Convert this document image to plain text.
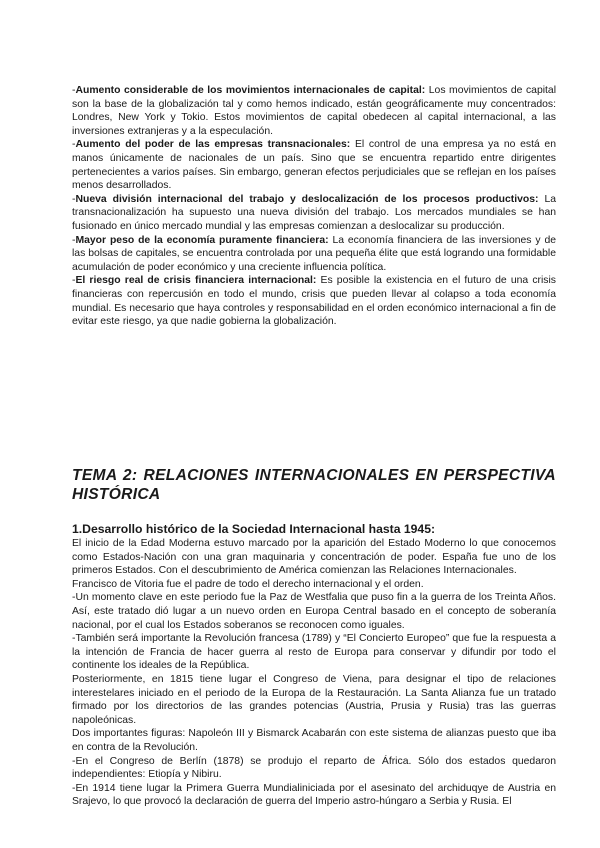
-Aumento considerable de los movimientos internacionales de capital: Los movimientos de capital son la base de la globalización tal y como hemos indicado, están geográficamente muy concentrados: Londres, New York y Tokio. Estos movimientos de capital obedecen al capital internacional, a las inversiones extranjeras y a la especulación.

-Aumento del poder de las empresas transnacionales: El control de una empresa ya no está en manos únicamente de nacionales de un país. Sino que se encuentra repartido entre dirigentes pertenecientes a varios países. Sin embargo, generan efectos perjudiciales que se reflejan en los países menos desarrollados.

-Nueva división internacional del trabajo y deslocalización de los procesos productivos: La transnacionalización ha supuesto una nueva división del trabajo. Los mercados mundiales se han fusionado en único mercado mundial y las empresas comienzan a deslocalizar su producción.

-Mayor peso de la economía puramente financiera: La economía financiera de las inversiones y de las bolsas de capitales, se encuentra controlada por una pequeña élite que está logrando una formidable acumulación de poder económico y una creciente influencia política.

-El riesgo real de crisis financiera internacional: Es posible la existencia en el futuro de una crisis financieras con repercusión en todo el mundo, crisis que pueden llevar al colapso a toda economía mundial. Es necesario que haya controles y responsabilidad en el orden económico internacional a fin de evitar este riesgo, ya que nadie gobierna la globalización.

TEMA 2: RELACIONES INTERNACIONALES EN PERSPECTIVA HISTÓRICA
1.Desarrollo histórico de la Sociedad Internacional hasta 1945:

El inicio de la Edad Moderna estuvo marcado por la aparición del Estado Moderno lo que conocemos como Estados-Nación con una gran maquinaria y concentración de poder. España fue uno de los primeros Estados. Con el descubrimiento de América comienzan las Relaciones Internacionales.

Francisco de Vitoria fue el padre de todo el derecho internacional y el orden.

-Un momento clave en este periodo fue la Paz de Westfalia que puso fin a la guerra de los Treinta Años. Así, este tratado dió lugar a un nuevo orden en Europa Central basado en el concepto de soberanía nacional, por el cual los Estados soberanos se reconocen como iguales.

-También será importante la Revolución francesa (1789) y “El Concierto Europeo” que fue la respuesta a la intención de Francia de hacer guerra al resto de Europa para conservar y difundir por todo el continente los ideales de la República.

Posteriormente, en 1815 tiene lugar el Congreso de Viena, para designar el tipo de relaciones interestelares iniciado en el periodo de la Europa de la Restauración. La Santa Alianza fue un tratado firmado por los directorios de las grandes potencias (Austria, Prusia y Rusia) tras las guerras napoleónicas.

Dos importantes figuras: Napoleón III y Bismarck Acabarán con este sistema de alianzas puesto que iba en contra de la Revolución.

-En el Congreso de Berlín (1878) se produjo el reparto de África. Sólo dos estados quedaron independientes: Etiopía y Nibiru.

-En 1914 tiene lugar la Primera Guerra Mundialiniciada por el asesinato del archiduqye de Austria en Srajevo, lo que provocó la declaración de guerra del Imperio astro-húngaro a Serbia y Rusia. El
